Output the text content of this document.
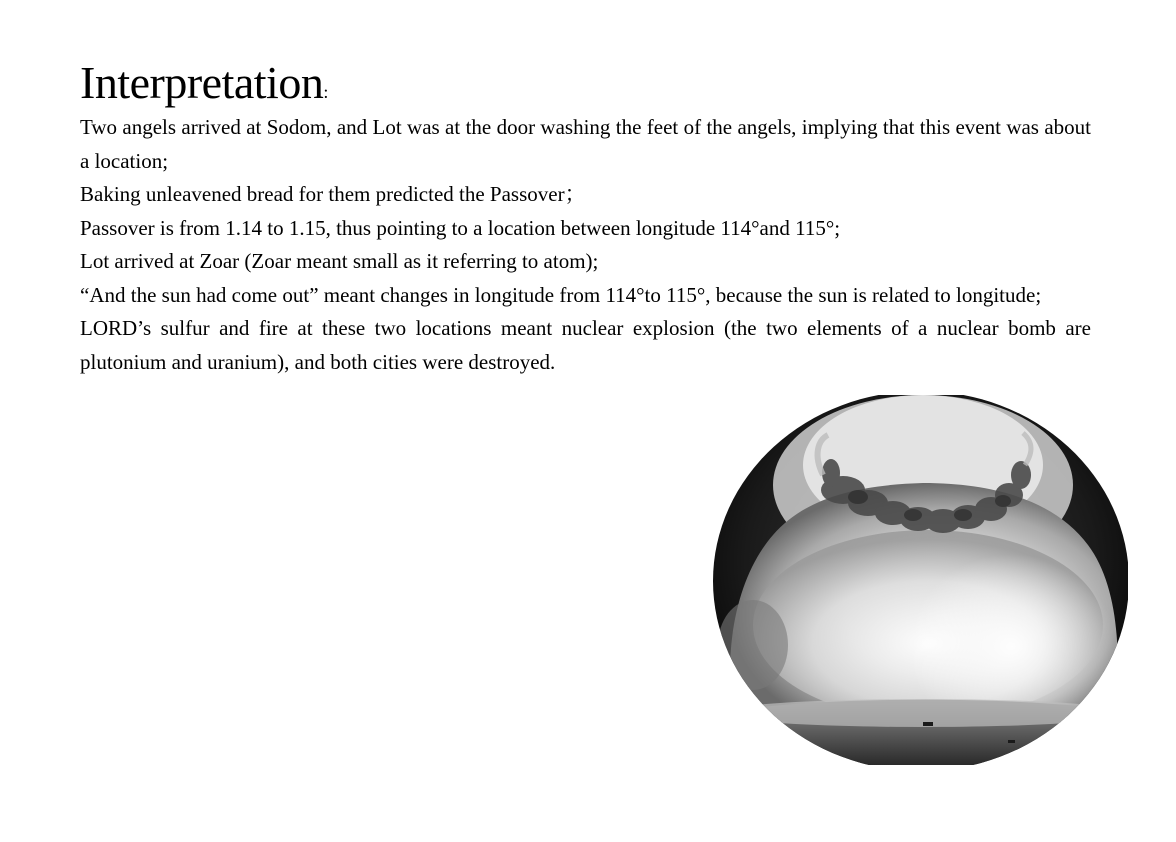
Interpretation:

Two angels arrived at Sodom, and Lot was at the door washing the feet of the angels, implying that this event was about a location;

Baking unleavened bread for them predicted the Passover；

Passover is from 1.14 to 1.15, thus pointing to a location between longitude 114°and 115°;

Lot arrived at Zoar (Zoar meant small as it referring to atom);

“And the sun had come out” meant changes in longitude from 114°to 115°, because the sun is related to longitude;

LORD’s sulfur and fire at these two locations meant nuclear explosion (the two elements of a nuclear bomb are plutonium and uranium), and both cities were destroyed.
